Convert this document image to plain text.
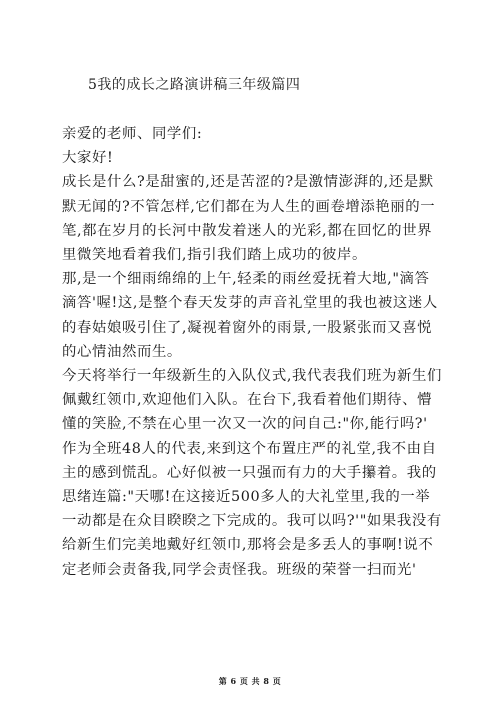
5我的成长之路演讲稿三年级篇四

亲爱的老师、同学们:

大家好!

成长是什么?是甜蜜的,还是苦涩的?是激情澎湃的,还是默默无闻的?不管怎样,它们都在为人生的画卷增添艳丽的一笔,都在岁月的长河中散发着迷人的光彩,都在回忆的世界里微笑地看着我们,指引我们踏上成功的彼岸。

那,是一个细雨绵绵的上午,轻柔的雨丝爱抚着大地,"滴答滴答'喔!这,是整个春天发芽的声音礼堂里的我也被这迷人的春姑娘吸引住了,凝视着窗外的雨景,一股紧张而又喜悦的心情油然而生。

今天将举行一年级新生的入队仪式,我代表我们班为新生们佩戴红领巾,欢迎他们入队。在台下,我看着他们期待、懵懂的笑脸,不禁在心里一次又一次的问自己:"你,能行吗?'

作为全班48人的代表,来到这个布置庄严的礼堂,我不由自主的感到慌乱。心好似被一只强而有力的大手攥着。我的思绪连篇:"天哪!在这接近500多人的大礼堂里,我的一举一动都是在众目睽睽之下完成的。我可以吗?'"如果我没有给新生们完美地戴好红领巾,那将会是多丢人的事啊!说不定老师会责备我,同学会责怪我。班级的荣誉一扫而光'

第 6 页 共 8 页
